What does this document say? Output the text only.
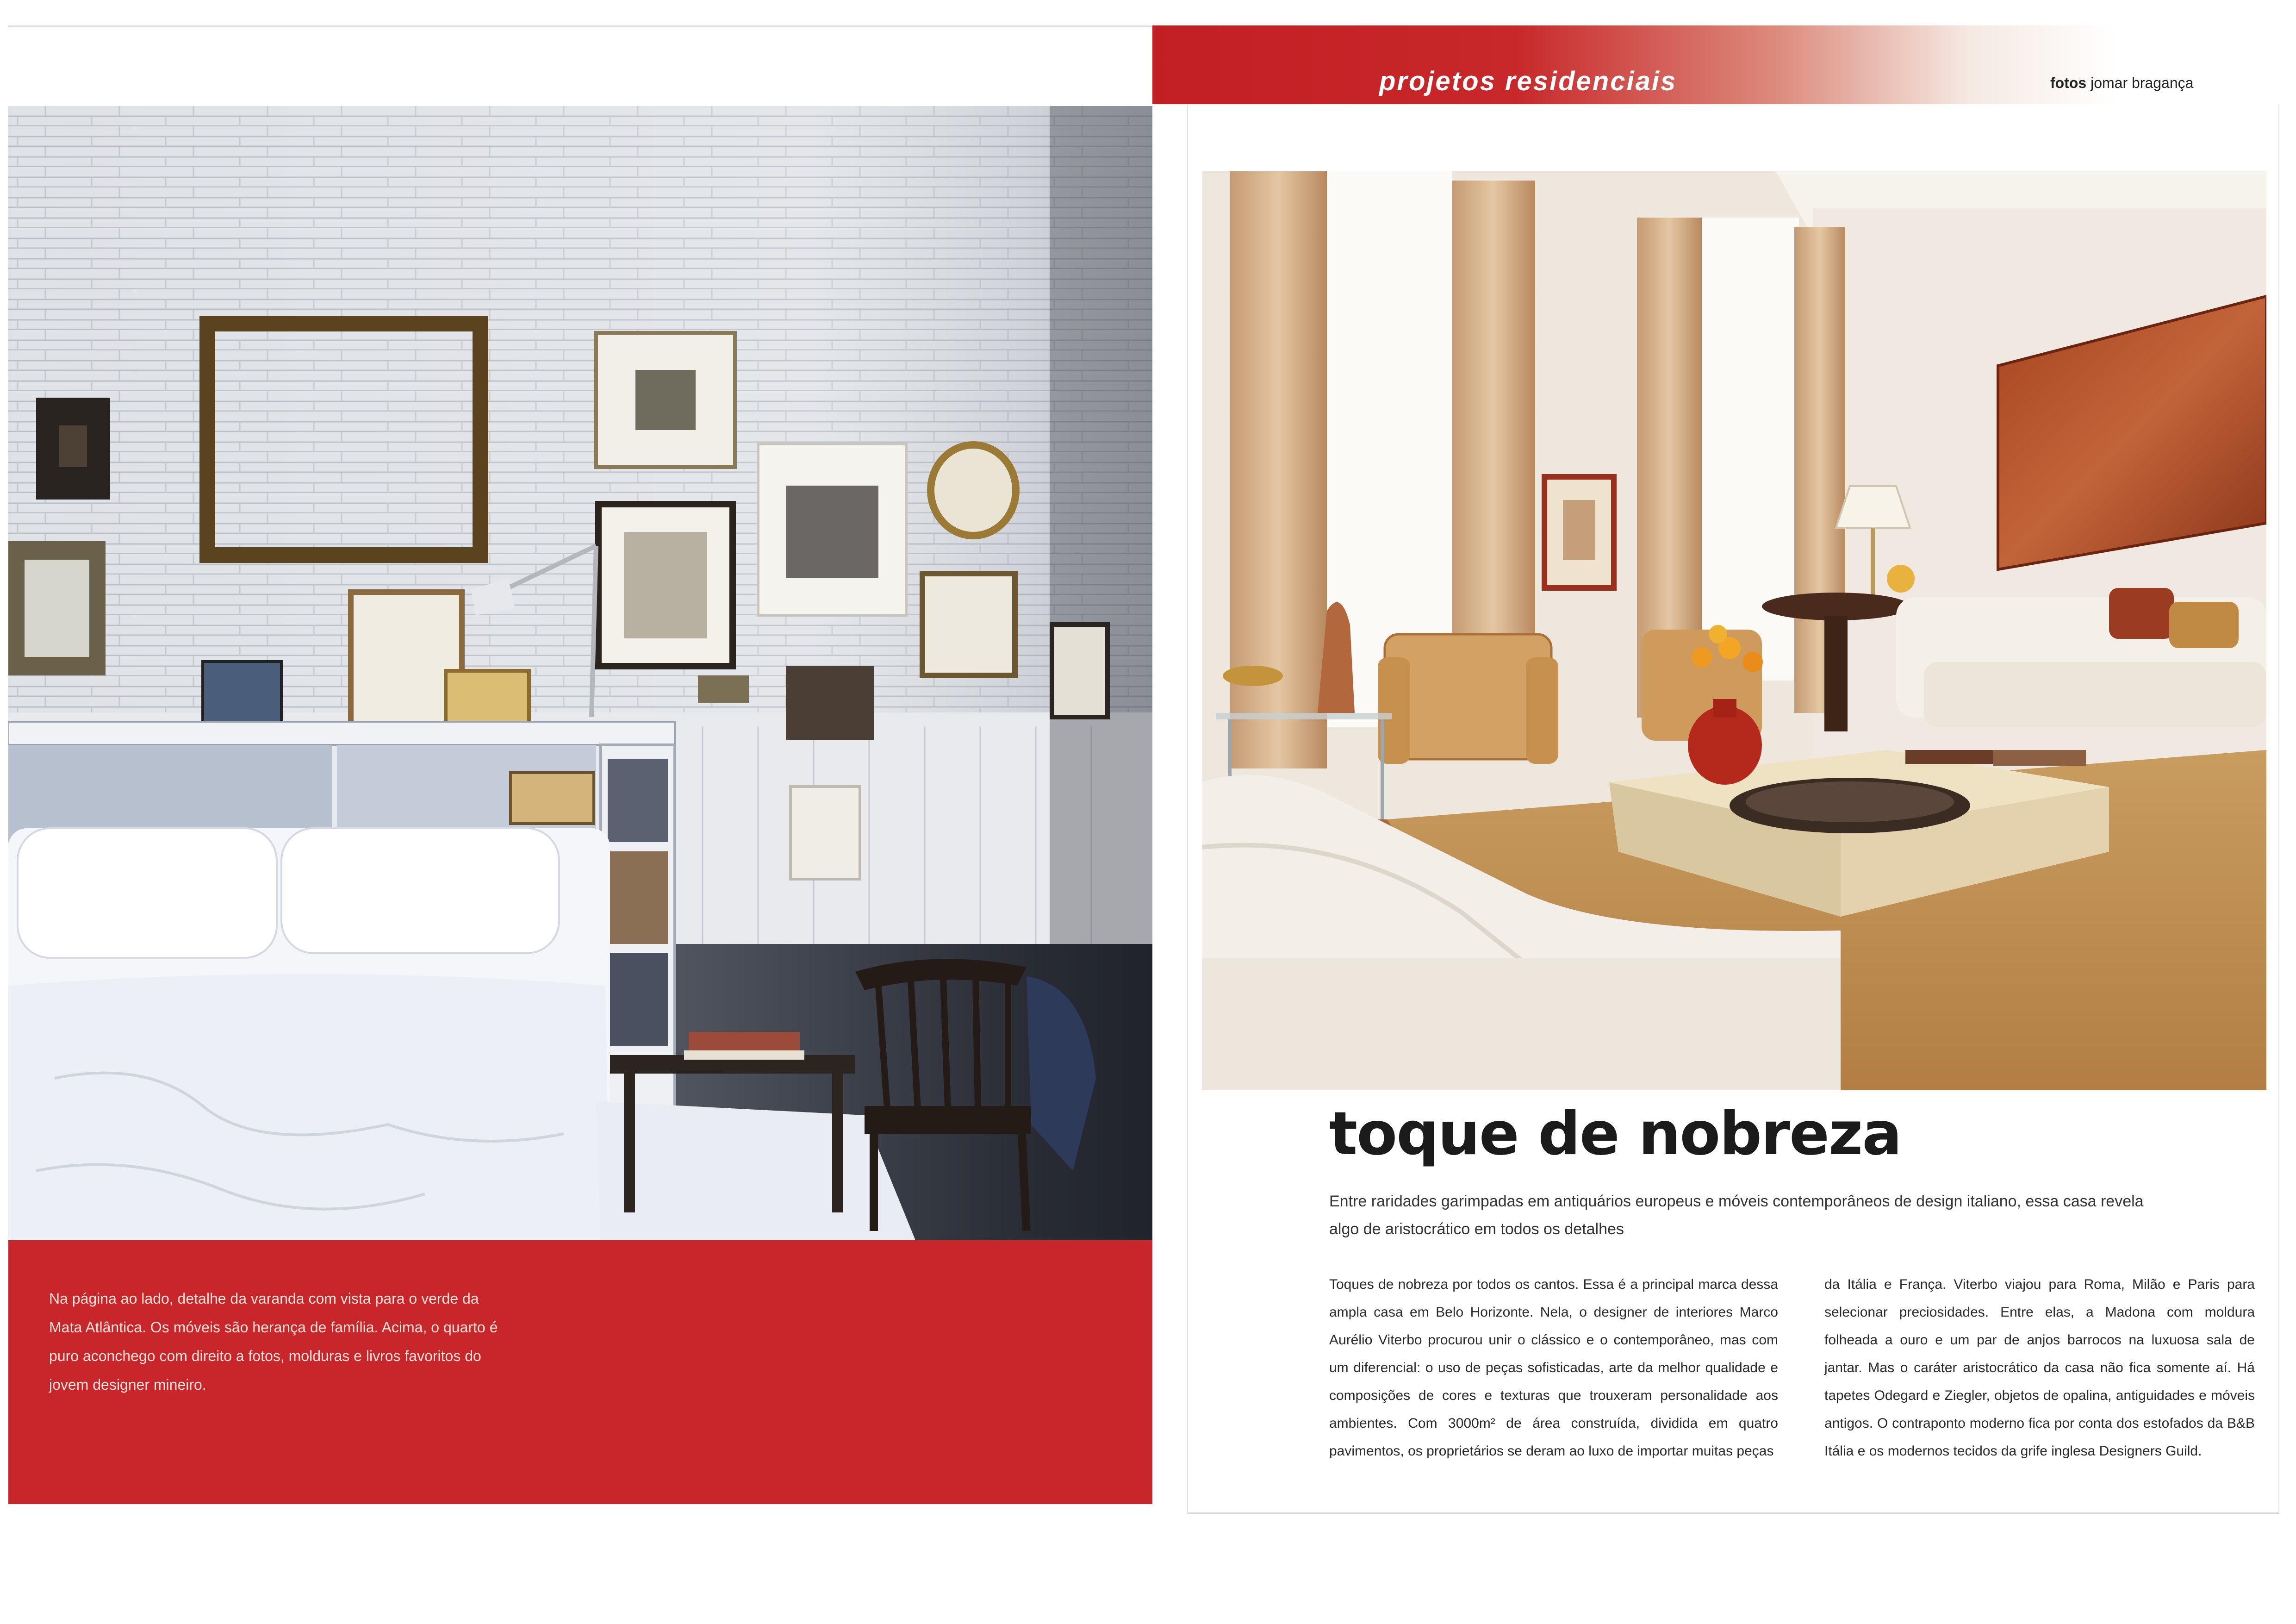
Na página ao lado, detalhe da varanda com vista para o verde da Mata Atlântica. Os móveis são herança de família. Acima, o quarto é puro aconchego com direito a fotos, molduras e livros favoritos do jovem designer mineiro.

projetos residenciais	fotos jomar bragança
toque de nobreza

Entre raridades garimpadas em antiquários europeus e móveis contemporâneos de design italiano, essa casa revela algo de aristocrático em todos os detalhes

Toques de nobreza por todos os cantos. Essa é a principal marca dessa ampla casa em Belo Horizonte. Nela, o designer de interiores Marco Aurélio Viterbo procurou unir o clássico e o contemporâneo, mas com um diferencial: o uso de peças sofisticadas, arte da melhor qualidade e composições de cores e texturas que trouxeram personalidade aos ambientes. Com 3000m² de área construída, dividida em quatro pavimentos, os proprietários se deram ao luxo de importar muitas peças

da Itália e França. Viterbo viajou para Roma, Milão e Paris para selecionar preciosidades. Entre elas, a Madona com moldura folheada a ouro e um par de anjos barrocos na luxuosa sala de jantar. Mas o caráter aristocrático da casa não fica somente aí. Há tapetes Odegard e Ziegler, objetos de opalina, antiguidades e móveis antigos. O contraponto moderno fica por conta dos estofados da B&B Itália e os modernos tecidos da grife inglesa Designers Guild.
